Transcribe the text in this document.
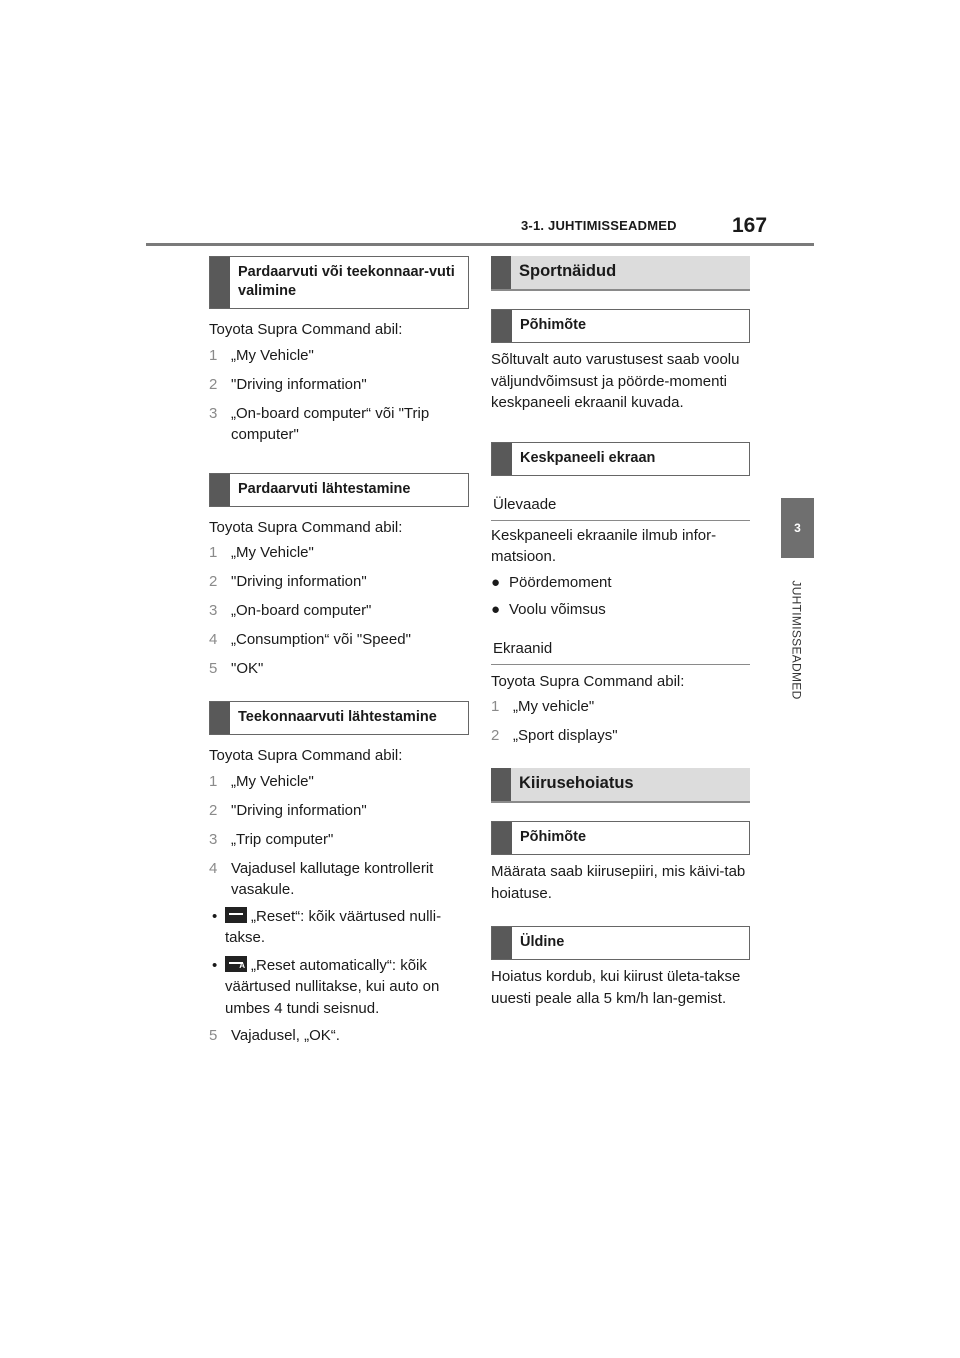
3-1. JUHTIMISSEADMED	167
3
JUHTIMISSEADMED
Pardaarvuti või teekonnaar-vuti valimine
Toyota Supra Command abil:
1 „My Vehicle"
2 "Driving information"
3 „On-board computer“ või "Trip computer"
Pardaarvuti lähtestamine
Toyota Supra Command abil:
1 „My Vehicle"
2 "Driving information"
3 „On-board computer"
4 „Consumption“ või "Speed"
5 "OK"
Teekonnaarvuti lähtestamine
Toyota Supra Command abil:
1 „My Vehicle"
2 "Driving information"
3 „Trip computer"
4 Vajadusel kallutage kontrollerit vasakule.
•	„Reset“: kõik väärtused nulli-takse.
•
A	„Reset automatically“: kõik väärtused nullitakse, kui auto on umbes 4 tundi seisnud.
5 Vajadusel, „OK“.
Sportnäidud
Põhimõte
Sõltuvalt auto varustusest saab voolu väljundvõimsust ja pöörde-momenti keskpaneeli ekraanil kuvada.
Keskpaneeli ekraan
Ülevaade
Keskpaneeli ekraanile ilmub infor-matsioon.
● Pöördemoment
● Voolu võimsus
Ekraanid
Toyota Supra Command abil:
1 „My vehicle"
2 „Sport displays"
Kiirusehoiatus
Põhimõte
Määrata saab kiirusepiiri, mis käivi-tab hoiatuse.
Üldine
Hoiatus kordub, kui kiirust ületa-takse uuesti peale alla 5 km/h lan-gemist.
